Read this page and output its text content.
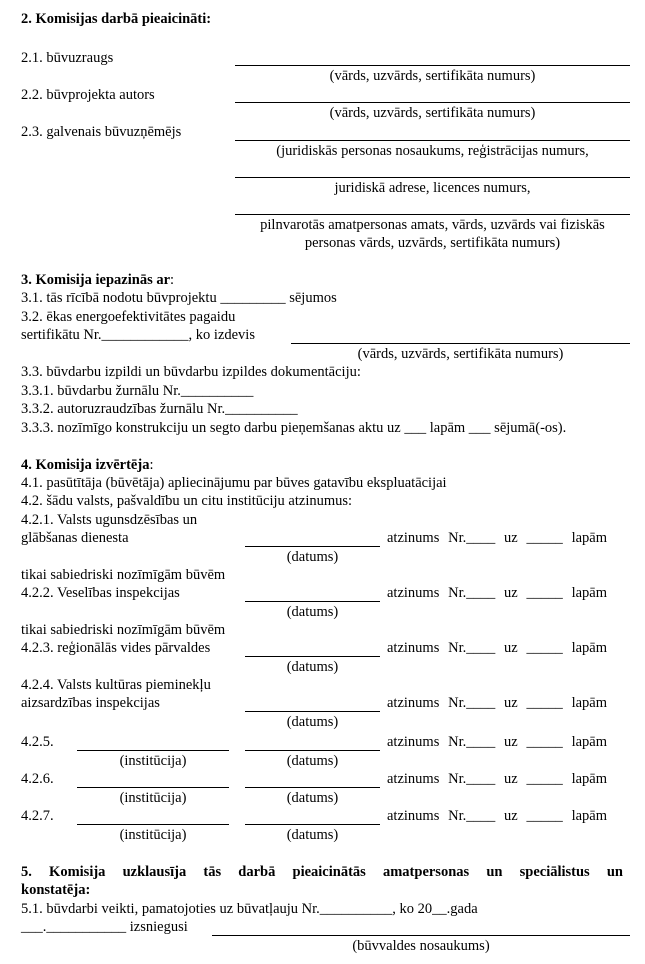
2. Komisijas darbā pieaicināti:
2.1. būvuzraugs
(vārds, uzvārds, sertifikāta numurs)
2.2. būvprojekta autors
(vārds, uzvārds, sertifikāta numurs)
2.3. galvenais būvuzņēmējs
(juridiskās personas nosaukums, reģistrācijas numurs,
juridiskā adrese, licences numurs,
pilnvarotās amatpersonas amats, vārds, uzvārds vai fiziskās
personas vārds, uzvārds, sertifikāta numurs)
3. Komisija iepazinās ar:
3.1. tās rīcībā nodotu būvprojektu _________ sējumos
3.2. ēkas energoefektivitātes pagaidu
sertifikātu Nr.____________, ko izdevis
(vārds, uzvārds, sertifikāta numurs)
3.3. būvdarbu izpildi un būvdarbu izpildes dokumentāciju:
3.3.1. būvdarbu žurnālu Nr.__________
3.3.2. autoruzraudzības žurnālu Nr.__________
3.3.3. nozīmīgo konstrukciju un segto darbu pieņemšanas aktu uz ___ lapām ___ sējumā(-os).
4. Komisija izvērtēja:
4.1. pasūtītāja (būvētāja) apliecinājumu par būves gatavību ekspluatācijai
4.2. šādu valsts, pašvaldību un citu institūciju atzinumus:
4.2.1. Valsts ugunsdzēsības un
glābšanas dienesta	atzinums Nr.____ uz _____ lapām
(datums)
tikai sabiedriski nozīmīgām būvēm
4.2.2. Veselības inspekcijas	atzinums Nr.____ uz _____ lapām
(datums)
tikai sabiedriski nozīmīgām būvēm
4.2.3. reģionālās vides pārvaldes	atzinums Nr.____ uz _____ lapām
(datums)
4.2.4. Valsts kultūras pieminekļu
aizsardzības inspekcijas	atzinums Nr.____ uz _____ lapām
(datums)
4.2.5.	atzinums Nr.____ uz _____ lapām
(institūcija)	(datums)
4.2.6.	atzinums Nr.____ uz _____ lapām
(institūcija)	(datums)
4.2.7.	atzinums Nr.____ uz _____ lapām
(institūcija)	(datums)
5. Komisija uzklausīja tās darbā pieaicinātās amatpersonas un speciālistus un
konstatēja:
5.1. būvdarbi veikti, pamatojoties uz būvatļauju Nr.__________, ko 20__.gada
___.___________ izsniegusi
(būvvaldes nosaukums)
